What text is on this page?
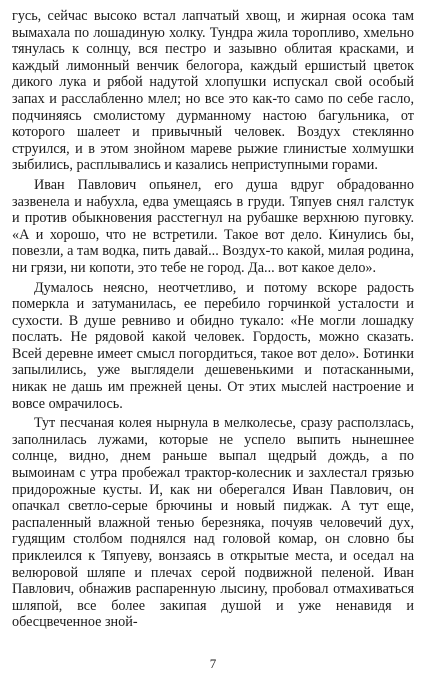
гусь, сейчас высоко встал лапчатый хвощ, и жирная осока там вымахала по лошадиную холку. Тундра жила торопливо, хмельно тянулась к солнцу, вся пестро и зазывно облитая красками, и каждый лимонный венчик белогора, каждый ершистый цветок дикого лука и рябой надутой хлопушки испускал свой особый запах и расслабленно млел; но все это как-то само по себе гасло, подчиняясь смолистому дурманному настою багульника, от которого шалеет и привычный человек. Воздух стеклянно струился, и в этом знойном мареве рыжие глинистые холмушки зыбились, расплывались и казались неприступными горами.

Иван Павлович опьянел, его душа вдруг обрадованно зазвенела и набухла, едва умещаясь в груди. Тяпуев снял галстук и против обыкновения расстегнул на рубашке верхнюю пуговку. «А и хорошо, что не встретили. Такое вот дело. Кинулись бы, повезли, а там водка, пить давай... Воздух-то какой, милая родина, ни грязи, ни копоти, это тебе не город. Да... вот какое дело».

Думалось неясно, неотчетливо, и потому вскоре радость померкла и затуманилась, ее перебило горчинкой усталости и сухости. В душе ревниво и обидно тукало: «Не могли лошадку послать. Не рядовой какой человек. Гордость, можно сказать. Всей деревне имеет смысл погордиться, такое вот дело». Ботинки запылились, уже выглядели дешевенькими и потасканными, никак не дашь им прежней цены. От этих мыслей настроение и вовсе омрачилось.

Тут песчаная колея нырнула в мелколесье, сразу расползлась, заполнилась лужами, которые не успело выпить нынешнее солнце, видно, днем раньше выпал щедрый дождь, а по вымоинам с утра пробежал трактор-колесник и захлестал грязью придорожные кусты. И, как ни оберегался Иван Павлович, он опачкал светло-серые брючины и новый пиджак. А тут еще, распаленный влажной тенью березняка, почуяв человечий дух, гудящим столбом поднялся над головой комар, он словно бы приклеился к Тяпуеву, вонзаясь в открытые места, и оседал на велюровой шляпе и плечах серой подвижной пеленой. Иван Павлович, обнажив распаренную лысину, пробовал отмахиваться шляпой, все более закипая душой и уже ненавидя и обесцвеченное зной-

7
